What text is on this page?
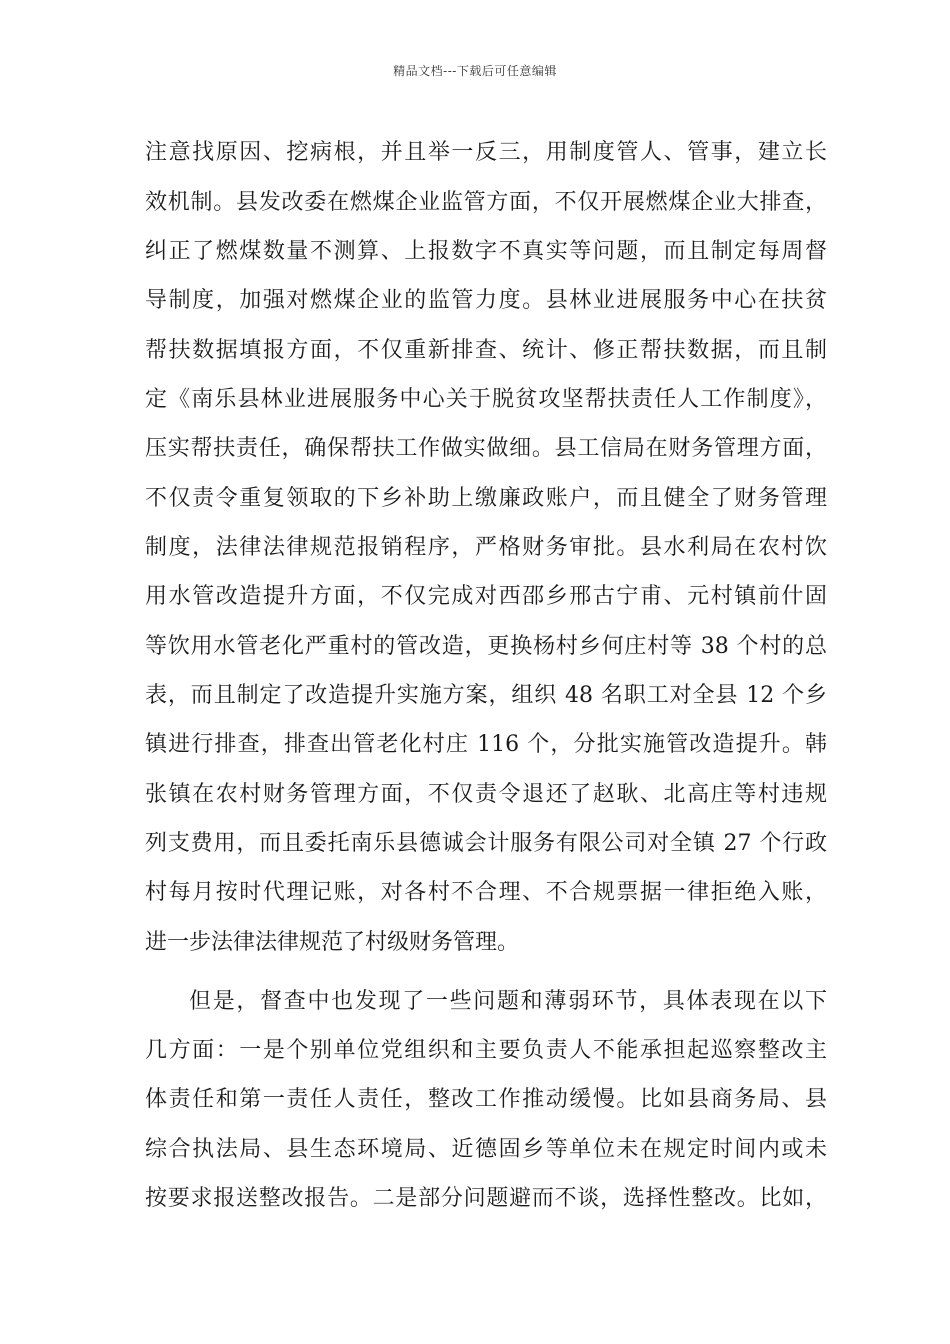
精品文档---下载后可任意编辑
注意找原因、挖病根，并且举一反三，用制度管人、管事，建立长
效机制。县发改委在燃煤企业监管方面，不仅开展燃煤企业大排查，
纠正了燃煤数量不测算、上报数字不真实等问题，而且制定每周督
导制度，加强对燃煤企业的监管力度。县林业进展服务中心在扶贫
帮扶数据填报方面，不仅重新排查、统计、修正帮扶数据，而且制
定《南乐县林业进展服务中心关于脱贫攻坚帮扶责任人工作制度》，
压实帮扶责任，确保帮扶工作做实做细。县工信局在财务管理方面，
不仅责令重复领取的下乡补助上缴廉政账户，而且健全了财务管理
制度，法律法律规范报销程序，严格财务审批。县水利局在农村饮
用水管改造提升方面，不仅完成对西邵乡邢古宁甫、元村镇前什固
等饮用水管老化严重村的管改造，更换杨村乡何庄村等 38 个村的总
表，而且制定了改造提升实施方案，组织 48 名职工对全县 12 个乡
镇进行排查，排查出管老化村庄 116 个，分批实施管改造提升。韩
张镇在农村财务管理方面，不仅责令退还了赵耿、北高庄等村违规
列支费用，而且委托南乐县德诚会计服务有限公司对全镇 27 个行政
村每月按时代理记账，对各村不合理、不合规票据一律拒绝入账，
进一步法律法律规范了村级财务管理。
但是，督查中也发现了一些问题和薄弱环节，具体表现在以下
几方面：一是个别单位党组织和主要负责人不能承担起巡察整改主
体责任和第一责任人责任，整改工作推动缓慢。比如县商务局、县
综合执法局、县生态环境局、近德固乡等单位未在规定时间内或未
按要求报送整改报告。二是部分问题避而不谈，选择性整改。比如，
